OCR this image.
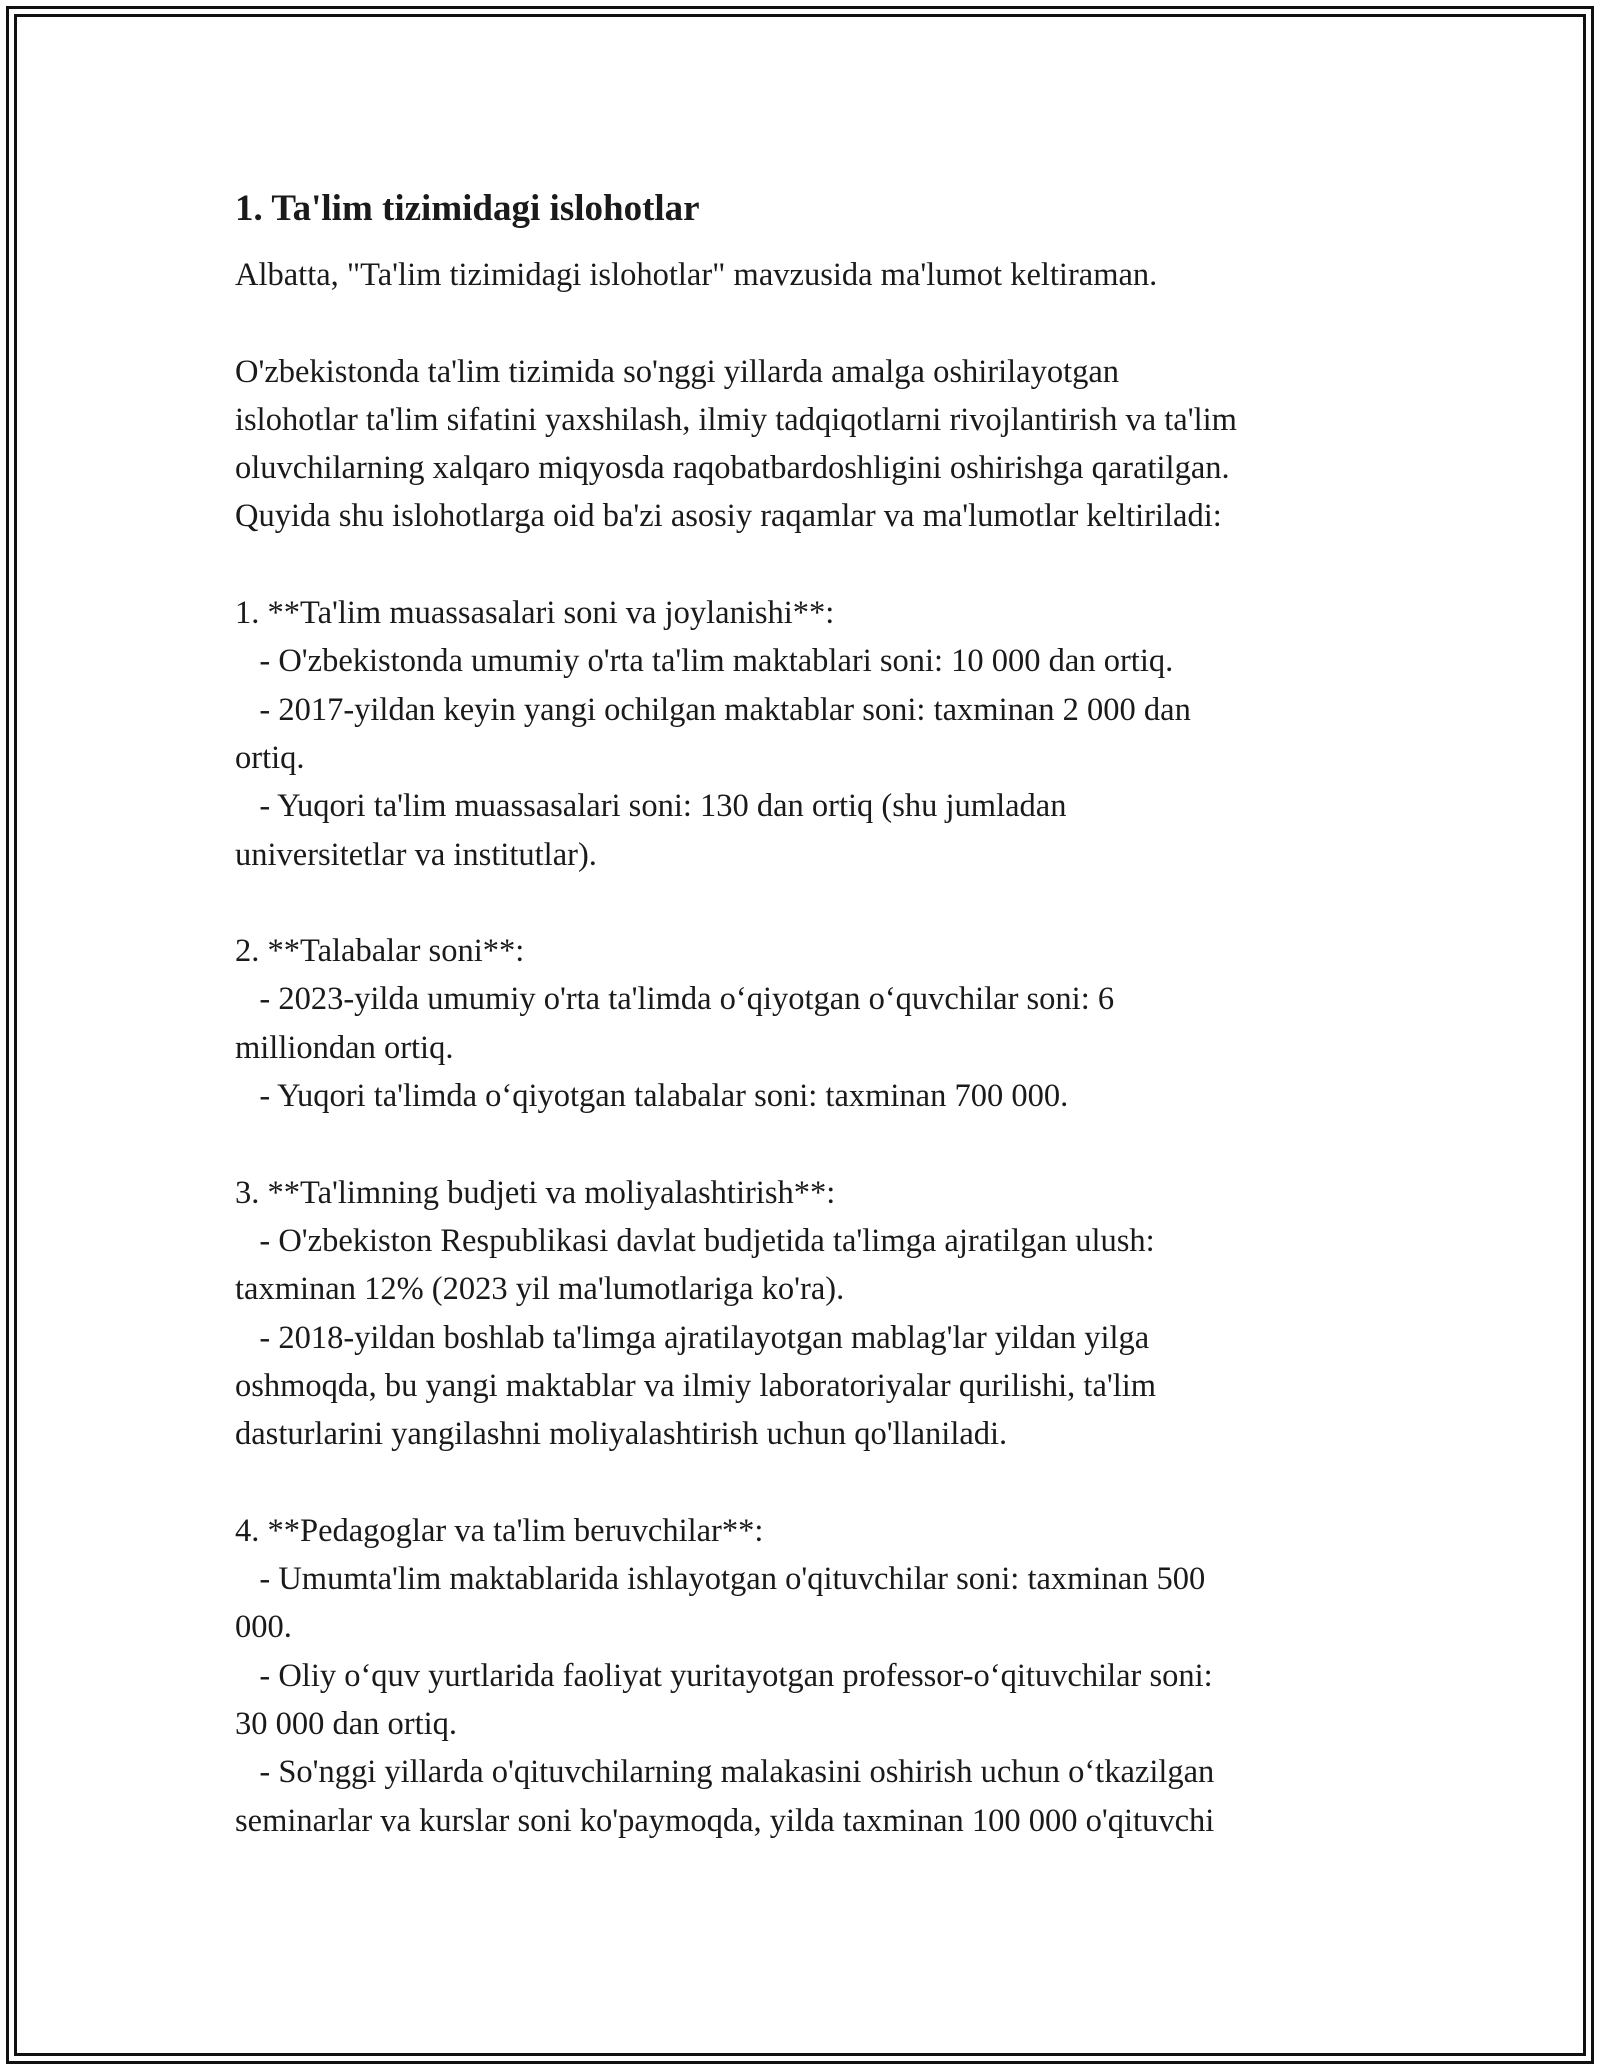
1. Ta'lim tizimidagi islohotlar

Albatta, "Ta'lim tizimidagi islohotlar" mavzusida ma'lumot keltiraman.

O'zbekistonda ta'lim tizimida so'nggi yillarda amalga oshirilayotgan
islohotlar ta'lim sifatini yaxshilash, ilmiy tadqiqotlarni rivojlantirish va ta'lim
oluvchilarning xalqaro miqyosda raqobatbardoshligini oshirishga qaratilgan.
Quyida shu islohotlarga oid ba'zi asosiy raqamlar va ma'lumotlar keltiriladi:

1. **Ta'lim muassasalari soni va joylanishi**:
- O'zbekistonda umumiy o'rta ta'lim maktablari soni: 10 000 dan ortiq.
- 2017-yildan keyin yangi ochilgan maktablar soni: taxminan 2 000 dan
ortiq.
- Yuqori ta'lim muassasalari soni: 130 dan ortiq (shu jumladan
universitetlar va institutlar).

2. **Talabalar soni**:
- 2023-yilda umumiy o'rta ta'limda oʻqiyotgan oʻquvchilar soni: 6
milliondan ortiq.
- Yuqori ta'limda oʻqiyotgan talabalar soni: taxminan 700 000.

3. **Ta'limning budjeti va moliyalashtirish**:
- O'zbekiston Respublikasi davlat budjetida ta'limga ajratilgan ulush:
taxminan 12% (2023 yil ma'lumotlariga ko'ra).
- 2018-yildan boshlab ta'limga ajratilayotgan mablag'lar yildan yilga
oshmoqda, bu yangi maktablar va ilmiy laboratoriyalar qurilishi, ta'lim
dasturlarini yangilashni moliyalashtirish uchun qo'llaniladi.

4. **Pedagoglar va ta'lim beruvchilar**:
- Umumta'lim maktablarida ishlayotgan o'qituvchilar soni: taxminan 500
000.
- Oliy oʻquv yurtlarida faoliyat yuritayotgan professor-oʻqituvchilar soni:
30 000 dan ortiq.
- So'nggi yillarda o'qituvchilarning malakasini oshirish uchun oʻtkazilgan
seminarlar va kurslar soni ko'paymoqda, yilda taxminan 100 000 o'qituvchi
